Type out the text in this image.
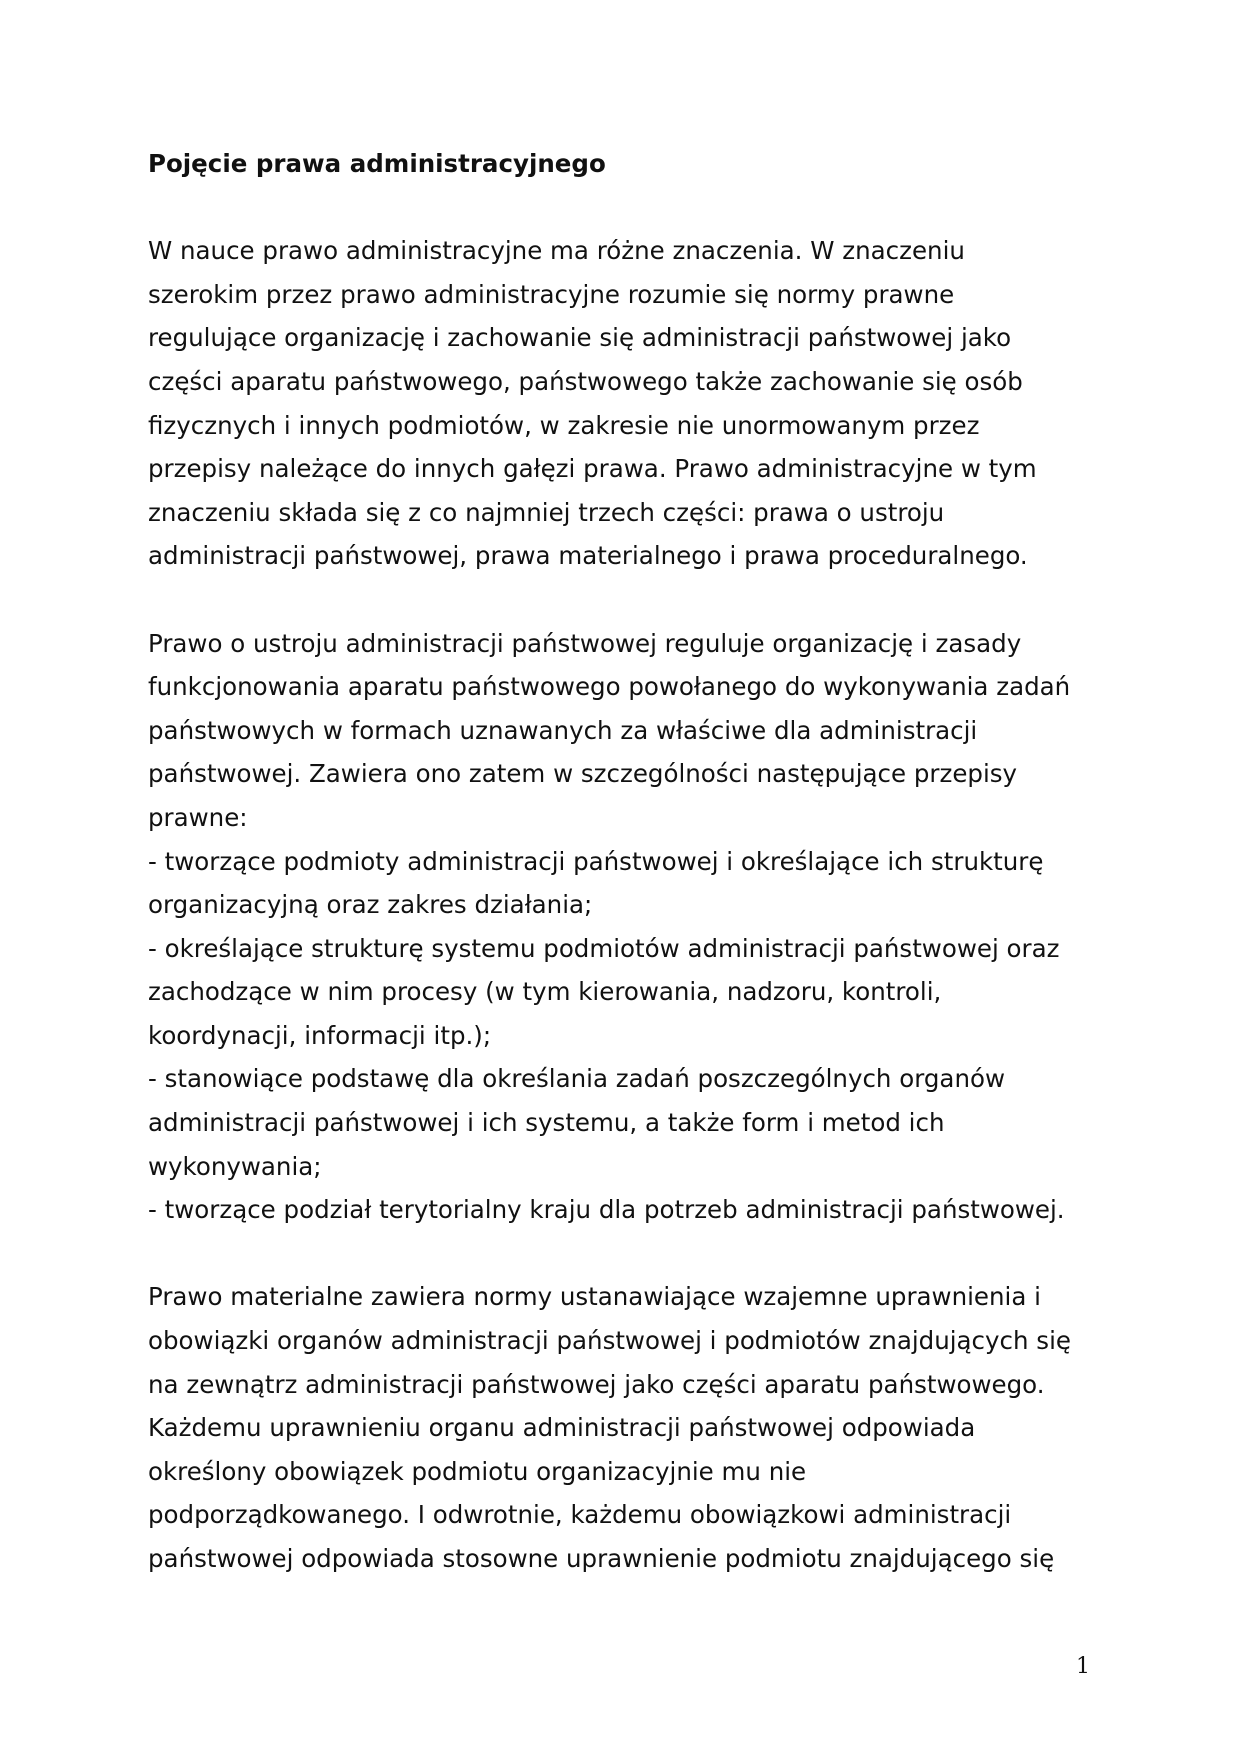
Pojęcie prawa administracyjnego
W nauce prawo administracyjne ma różne znaczenia. W znaczeniu
szerokim przez prawo administracyjne rozumie się normy prawne
regulujące organizację i zachowanie się administracji państwowej jako
części aparatu państwowego, państwowego także zachowanie się osób
fizycznych i innych podmiotów, w zakresie nie unormowanym przez
przepisy należące do innych gałęzi prawa. Prawo administracyjne w tym
znaczeniu składa się z co najmniej trzech części: prawa o ustroju
administracji państwowej, prawa materialnego i prawa proceduralnego.
Prawo o ustroju administracji państwowej reguluje organizację i zasady
funkcjonowania aparatu państwowego powołanego do wykonywania zadań
państwowych w formach uznawanych za właściwe dla administracji
państwowej. Zawiera ono zatem w szczególności następujące przepisy
prawne:
- tworzące podmioty administracji państwowej i określające ich strukturę
organizacyjną oraz zakres działania;
- określające strukturę systemu podmiotów administracji państwowej oraz
zachodzące w nim procesy (w tym kierowania, nadzoru, kontroli,
koordynacji, informacji itp.);
- stanowiące podstawę dla określania zadań poszczególnych organów
administracji państwowej i ich systemu, a także form i metod ich
wykonywania;
- tworzące podział terytorialny kraju dla potrzeb administracji państwowej.
Prawo materialne zawiera normy ustanawiające wzajemne uprawnienia i
obowiązki organów administracji państwowej i podmiotów znajdujących się
na zewnątrz administracji państwowej jako części aparatu państwowego.
Każdemu uprawnieniu organu administracji państwowej odpowiada
określony obowiązek podmiotu organizacyjnie mu nie
podporządkowanego. I odwrotnie, każdemu obowiązkowi administracji
państwowej odpowiada stosowne uprawnienie podmiotu znajdującego się
1
